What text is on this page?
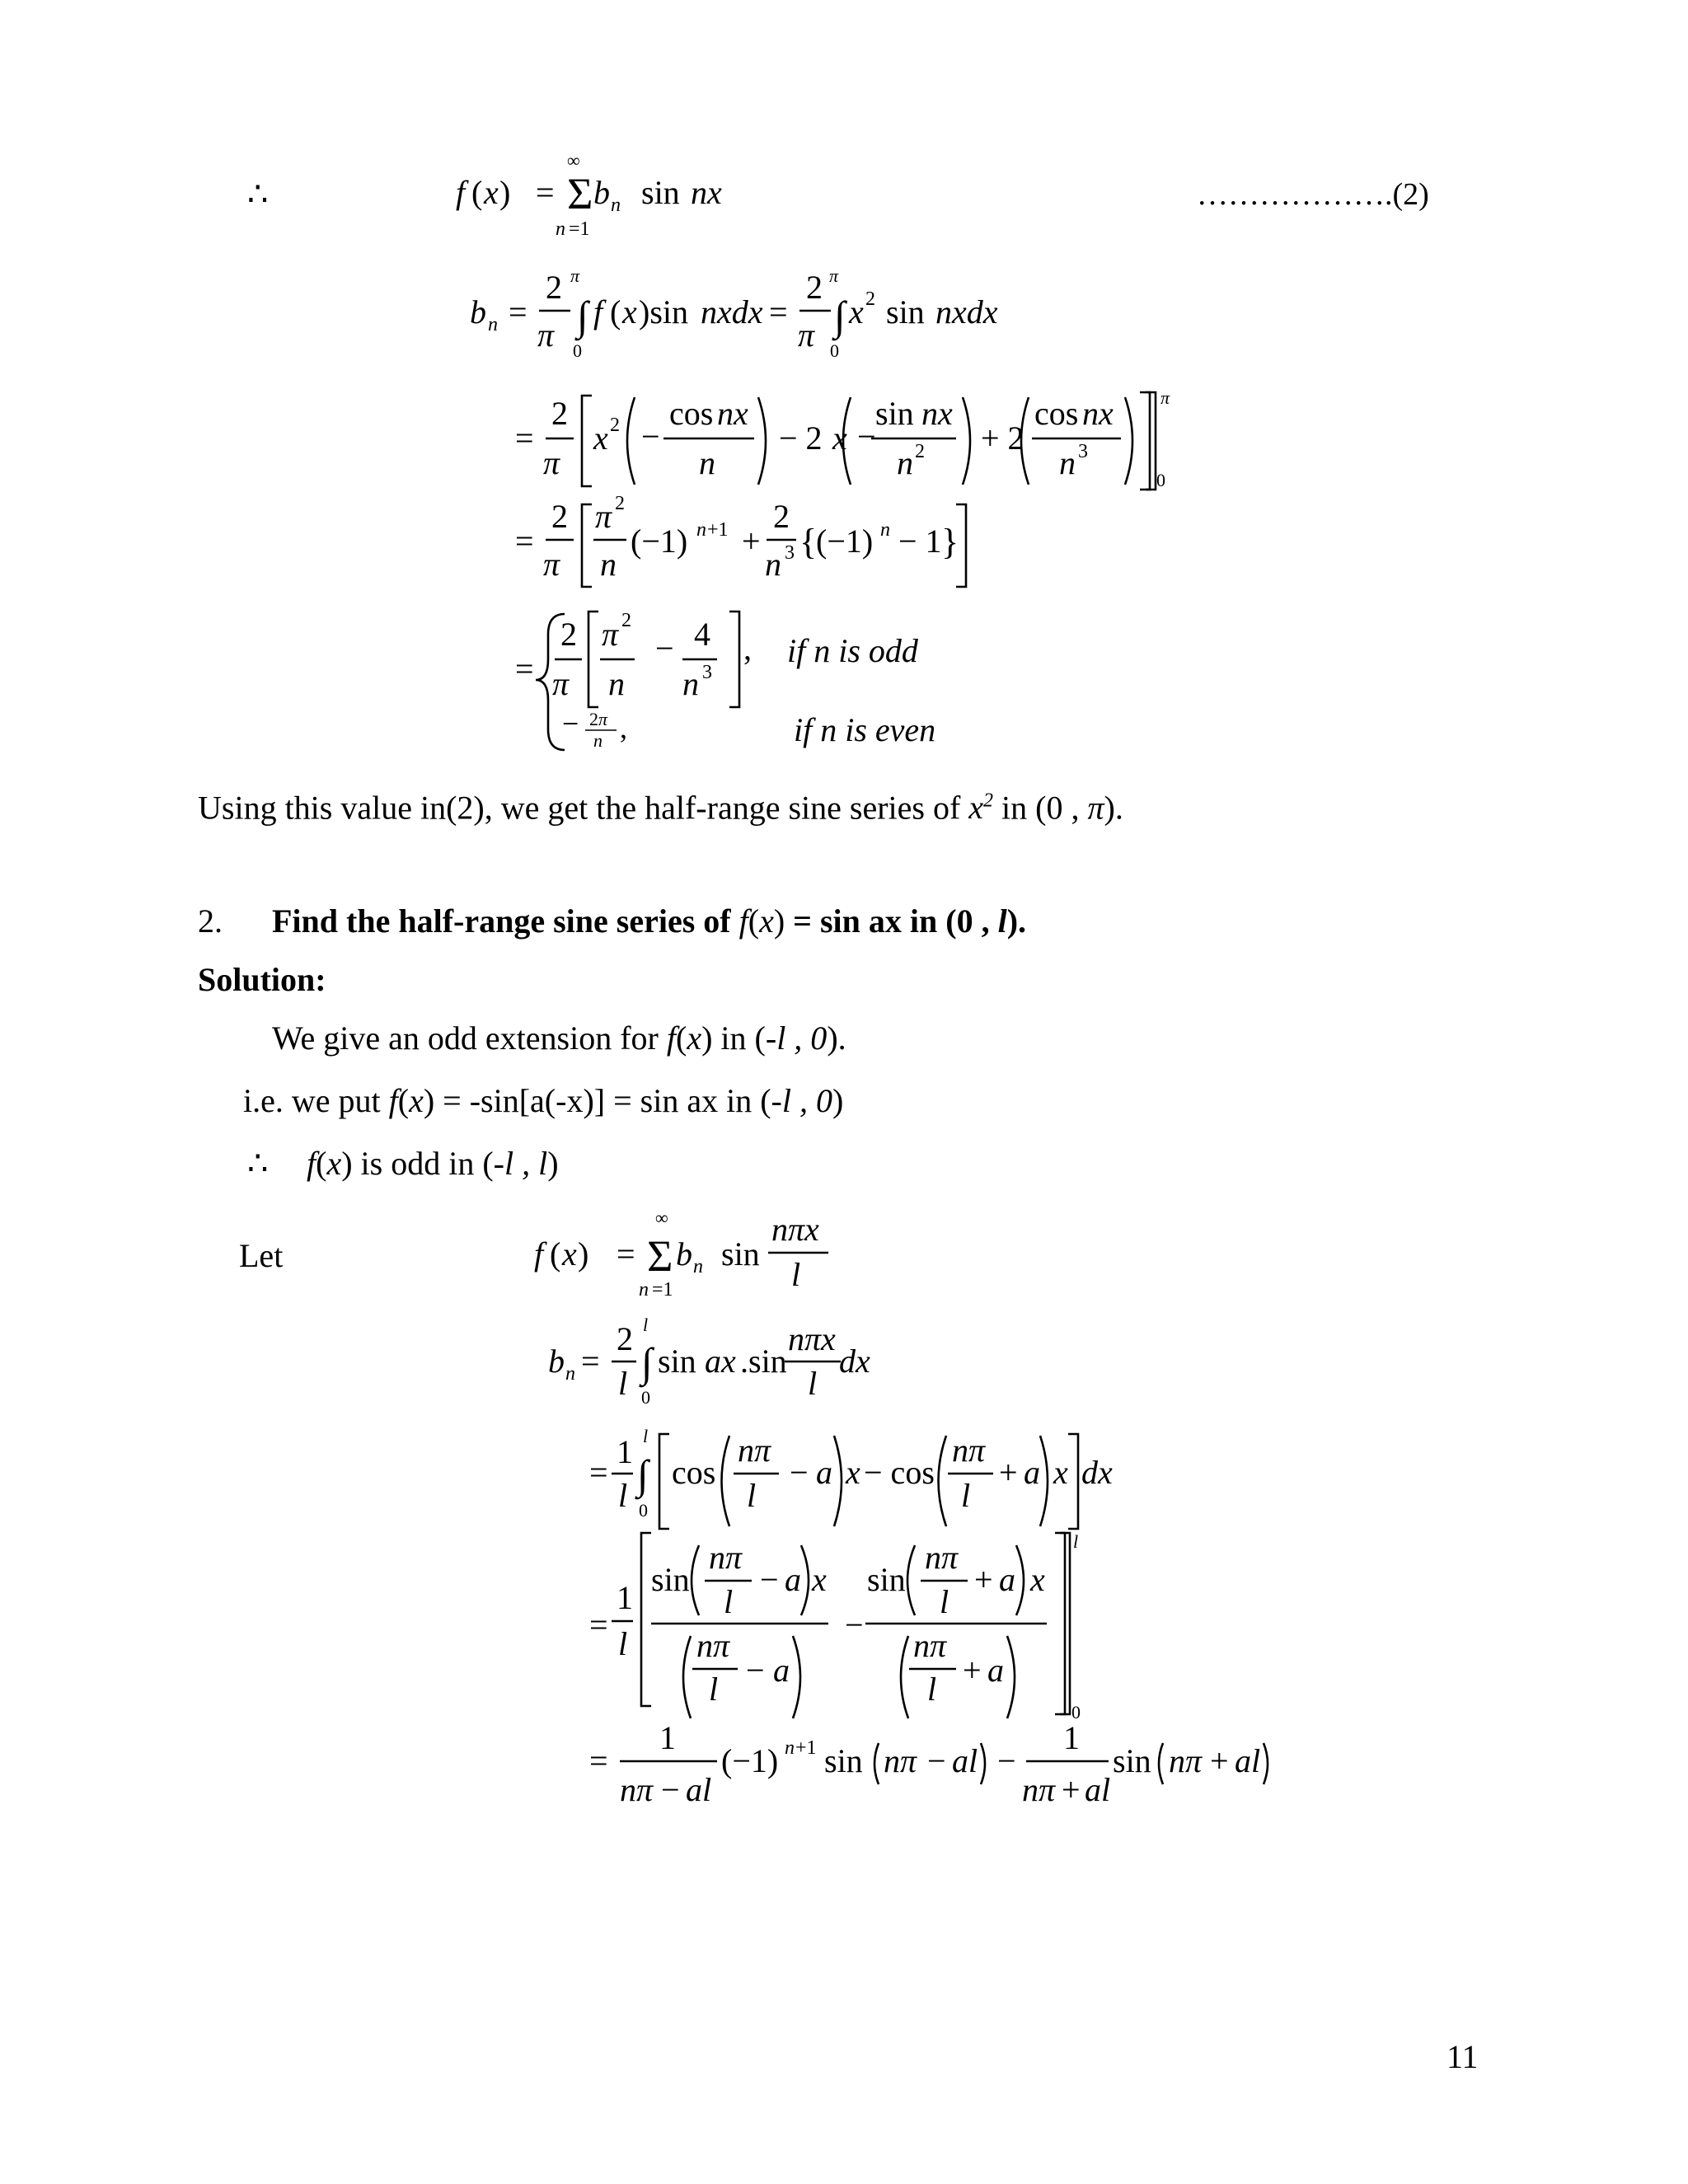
∴	……………….(2)
f ( x ) =
∞
Σ b n sin nx
n =1
b n =
2
π
π
∫
0
f ( x )sin nxdx =
2
π
π
∫
0
x 2 sin nxdx
=
2
π
x 2 −
cos nx
n
− 2 x −
sin nx
n 2 + 2
cos nx
n 3
π
0
=
2
π
π 2
n
(−1) n +1 +
2
n 3 {
(−1) n − 1 }
=
2
π
π 2
n
− 4
n 3
,
− 2 π
n ,
if n is odd
if n is even
Using this value in(2), we get the half-range sine series of $x^2$ in (0 , π).
2. Find the half-range sine series of f(x) = sin ax in (0 , l).
Solution:
We give an odd extension for f(x) in (-l , 0).
i.e. we put f(x) = -sin[a(-x)] = sin ax in (-l , 0)
∴ f(x) is odd in (-l , l)
Let	f ( x ) =
∞
Σ b n sin
nπx
l
n =1
b n =
2
l
l
∫
0
sin ax .sin
nπx
l
dx
=
1
l
l
∫
0
cos
nπ
l
− a x − cos
nπ
l
+ a x dx
=
1
l
sin
nπ
l
− a x
nπ
l
− a
−
sin
nπ
l
+ a x
nπ
l
+ a
l
0
=
1
nπ − al
(−1) n +1 sin nπ − al −
1
nπ + al
sin nπ + al
11
